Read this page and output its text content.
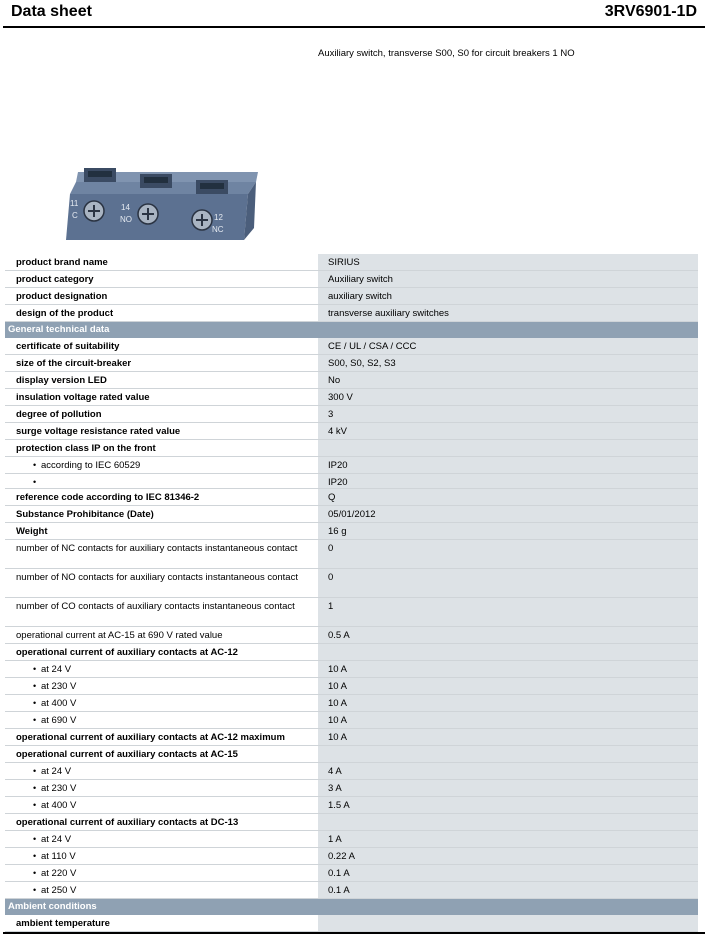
Data sheet	3RV6901-1D
Auxiliary switch, transverse S00, S0 for circuit breakers 1 NO
11
C
14
NO	12
NC
product brand name	SIRIUS
product category	Auxiliary switch
product designation	auxiliary switch
design of the product	transverse auxiliary switches
General technical data
certificate of suitability	CE / UL / CSA / CCC
size of the circuit-breaker	S00, S0, S2, S3
display version LED	No
insulation voltage rated value	300 V
degree of pollution	3
surge voltage resistance rated value	4 kV
protection class IP on the front
• according to IEC 60529	IP20
•	IP20
reference code according to IEC 81346-2	Q
Substance Prohibitance (Date)	05/01/2012
Weight	16 g
number of NC contacts for auxiliary contacts instantaneous contact	0
number of NO contacts for auxiliary contacts instantaneous contact	0
number of CO contacts of auxiliary contacts instantaneous contact	1
operational current at AC-15 at 690 V rated value	0.5 A
operational current of auxiliary contacts at AC-12
• at 24 V	10 A
• at 230 V	10 A
• at 400 V	10 A
• at 690 V	10 A
operational current of auxiliary contacts at AC-12 maximum	10 A
operational current of auxiliary contacts at AC-15
• at 24 V	4 A
• at 230 V	3 A
• at 400 V	1.5 A
operational current of auxiliary contacts at DC-13
• at 24 V	1 A
• at 110 V	0.22 A
• at 220 V	0.1 A
• at 250 V	0.1 A
Ambient conditions
ambient temperature
